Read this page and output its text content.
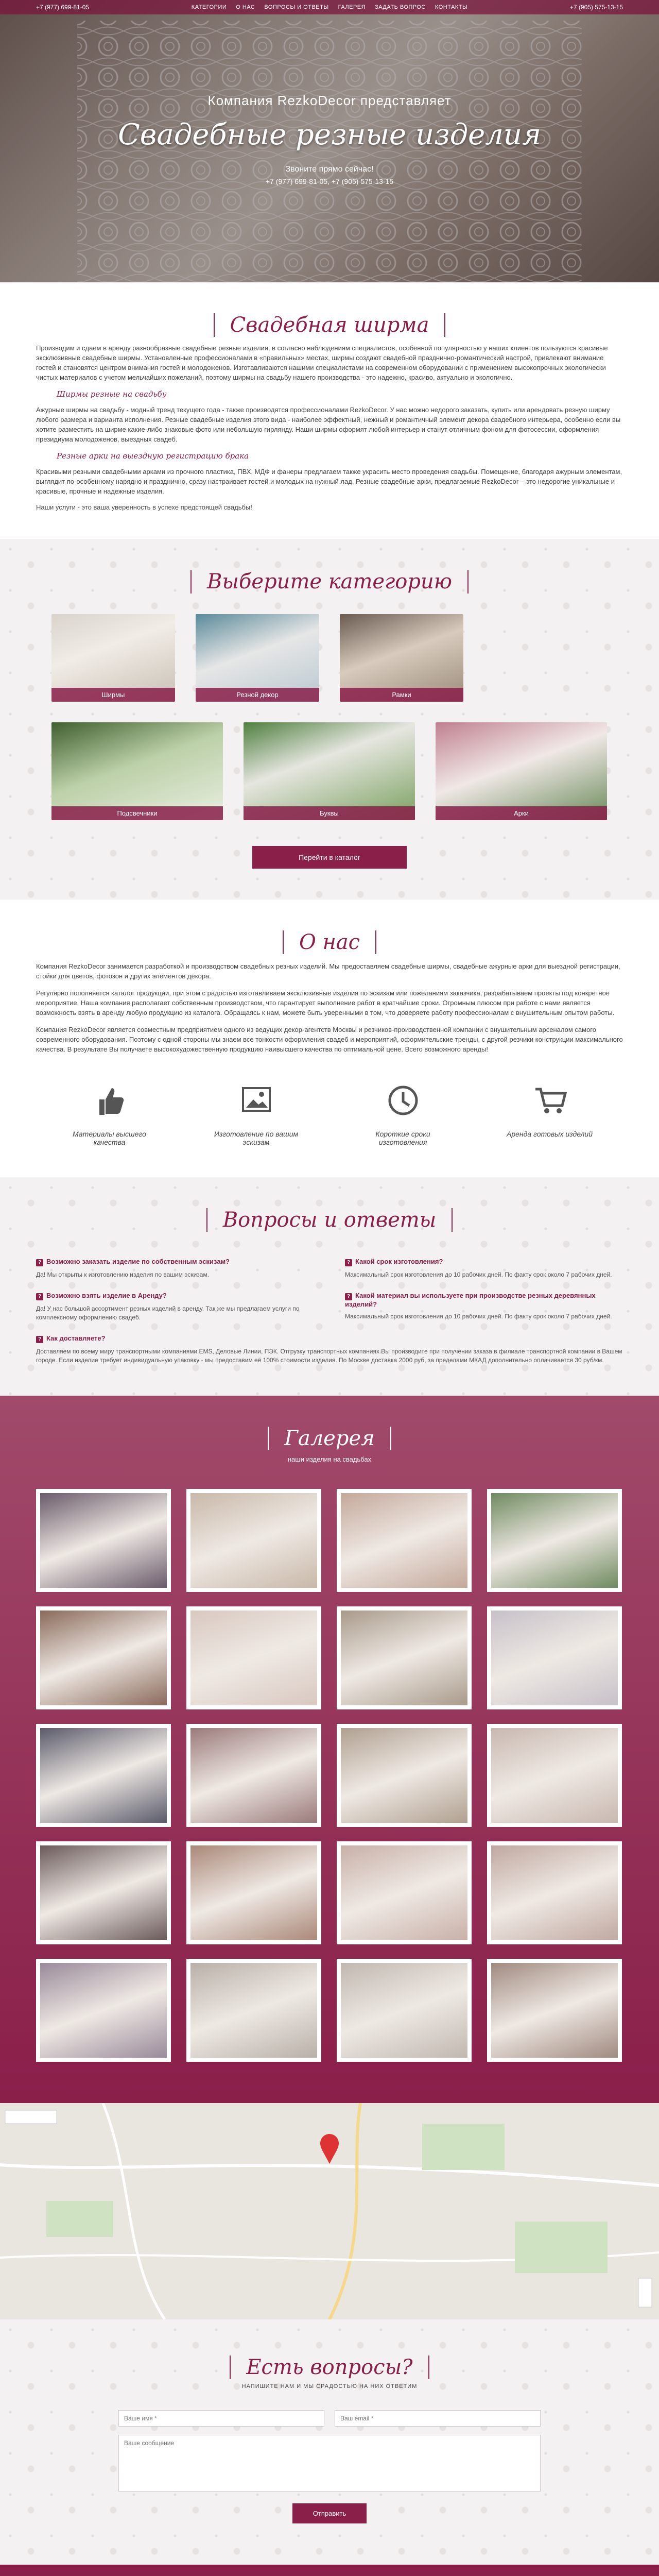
+7 (977) 699-81-05	КАТЕГОРИИ О НАС ВОПРОСЫ И ОТВЕТЫ ГАЛЕРЕЯ ЗАДАТЬ ВОПРОС КОНТАКТЫ	+7 (905) 575-13-15
Компания RezkoDecor представляет
Свадебные резные изделия
Звоните прямо сейчас!
+7 (977) 699-81-05, +7 (905) 575-13-15
Свадебная ширма

Производим и сдаем в аренду разнообразные свадебные резные изделия, в согласно наблюдениям специалистов, особенной популярностью у наших клиентов пользуются красивые эксклюзивные свадебные ширмы. Установленные профессионалами в «правильных» местах, ширмы создают свадебной празднично-романтический настрой, привлекают внимание гостей и становятся центром внимания гостей и молодоженов. Изготавливаются нашими специалистами на современном оборудовании с применением высокопрочных экологически чистых материалов с учетом мельчайших пожеланий, поэтому ширмы на свадьбу нашего производства - это надежно, красиво, актуально и экологично.

Ширмы резные на свадьбу

Ажурные ширмы на свадьбу - модный тренд текущего года - также производятся профессионалами RezkoDecor. У нас можно недорого заказать, купить или арендовать резную ширму любого размера и варианта исполнения. Резные свадебные изделия этого вида - наиболее эффектный, нежный и романтичный элемент декора свадебного интерьера, особенно если вы хотите разместить на ширме какие-либо знаковые фото или небольшую гирлянду. Наши ширмы оформят любой интерьер и станут отличным фоном для фотосессии, оформления президиума молодоженов, выездных свадеб.

Резные арки на выездную регистрацию брака

Красивыми резными свадебными арками из прочного пластика, ПВХ, МДФ и фанеры предлагаем также украсить место проведения свадьбы. Помещение, благодаря ажурным элементам, выглядит по-особенному нарядно и празднично, сразу настраивает гостей и молодых на нужный лад. Резные свадебные арки, предлагаемые RezkoDecor – это недорогие уникальные и красивые, прочные и надежные изделия.

Наши услуги - это ваша уверенность в успехе предстоящей свадьбы!

Выберите категорию
Ширмы	Резной декор	Рамки
Подсвечники	Буквы	Арки
Перейти в каталог
О нас

Компания RezkoDecor занимается разработкой и производством свадебных резных изделий. Мы предоставляем свадебные ширмы, свадебные ажурные арки для выездной регистрации, стойки для цветов, фотозон и других элементов декора.

Регулярно пополняется каталог продукции, при этом с радостью изготавливаем эксклюзивные изделия по эскизам или пожеланиям заказчика, разрабатываем проекты под конкретное мероприятие. Наша компания располагает собственным производством, что гарантирует выполнение работ в кратчайшие сроки. Огромным плюсом при работе с нами является возможность взять в аренду любую продукцию из каталога. Обращаясь к нам, можете быть уверенными в том, что доверяете работу профессионалам с внушительным опытом работы.

Компания RezkoDecor является совместным предприятием одного из ведущих декор-агентств Москвы и резчиков-производственной компании с внушительным арсеналом самого современного оборудования. Поэтому с одной стороны мы знаем все тонкости оформления свадеб и мероприятий, оформительские тренды, с другой резчики конструкции максимального качества. В результате Вы получаете высокохудожественную продукцию наивысшего качества по оптимальной цене. Всего возможного аренды!

Материалы высшего качества
Изготовление по вашим эскизам
Короткие сроки изготовления
Аренда готовых изделий
Вопросы и ответы
? Возможно заказать изделие по собственным эскизам?
Да! Мы открыты к изготовлению изделия по вашим эскизам.
? Какой срок изготовления?
Максимальный срок изготовления до 10 рабочих дней. По факту срок около 7 рабочих дней.
? Возможно взять изделие в Аренду?
Да! У нас большой ассортимент резных изделий в аренду. Так же мы предлагаем услуги по комплексному оформлению свадеб.
? Какой материал вы используете при производстве резных деревянных изделий?
Максимальный срок изготовления до 10 рабочих дней. По факту срок около 7 рабочих дней.
? Как доставляете?
Доставляем по всему миру транспортными компаниями EMS, Деловые Линии, ПЭК. Отгрузку транспортных компаниях Вы производите при получении заказа в филиале транспортной компании в Вашем городе. Если изделие требует индивидуальную упаковку - мы предоставим её 100% стоимости изделия. По Москве доставка 2000 руб, за пределами МКАД дополнительно оплачивается 30 руб/км.
Галерея
наши изделия на свадьбах
Есть вопросы?
НАПИШИТЕ НАМ И МЫ СРАДОСТЬЮ НА НИХ ОТВЕТИМ
Ваше имя *
Ваш email *
Ваше сообщение
Отправить
